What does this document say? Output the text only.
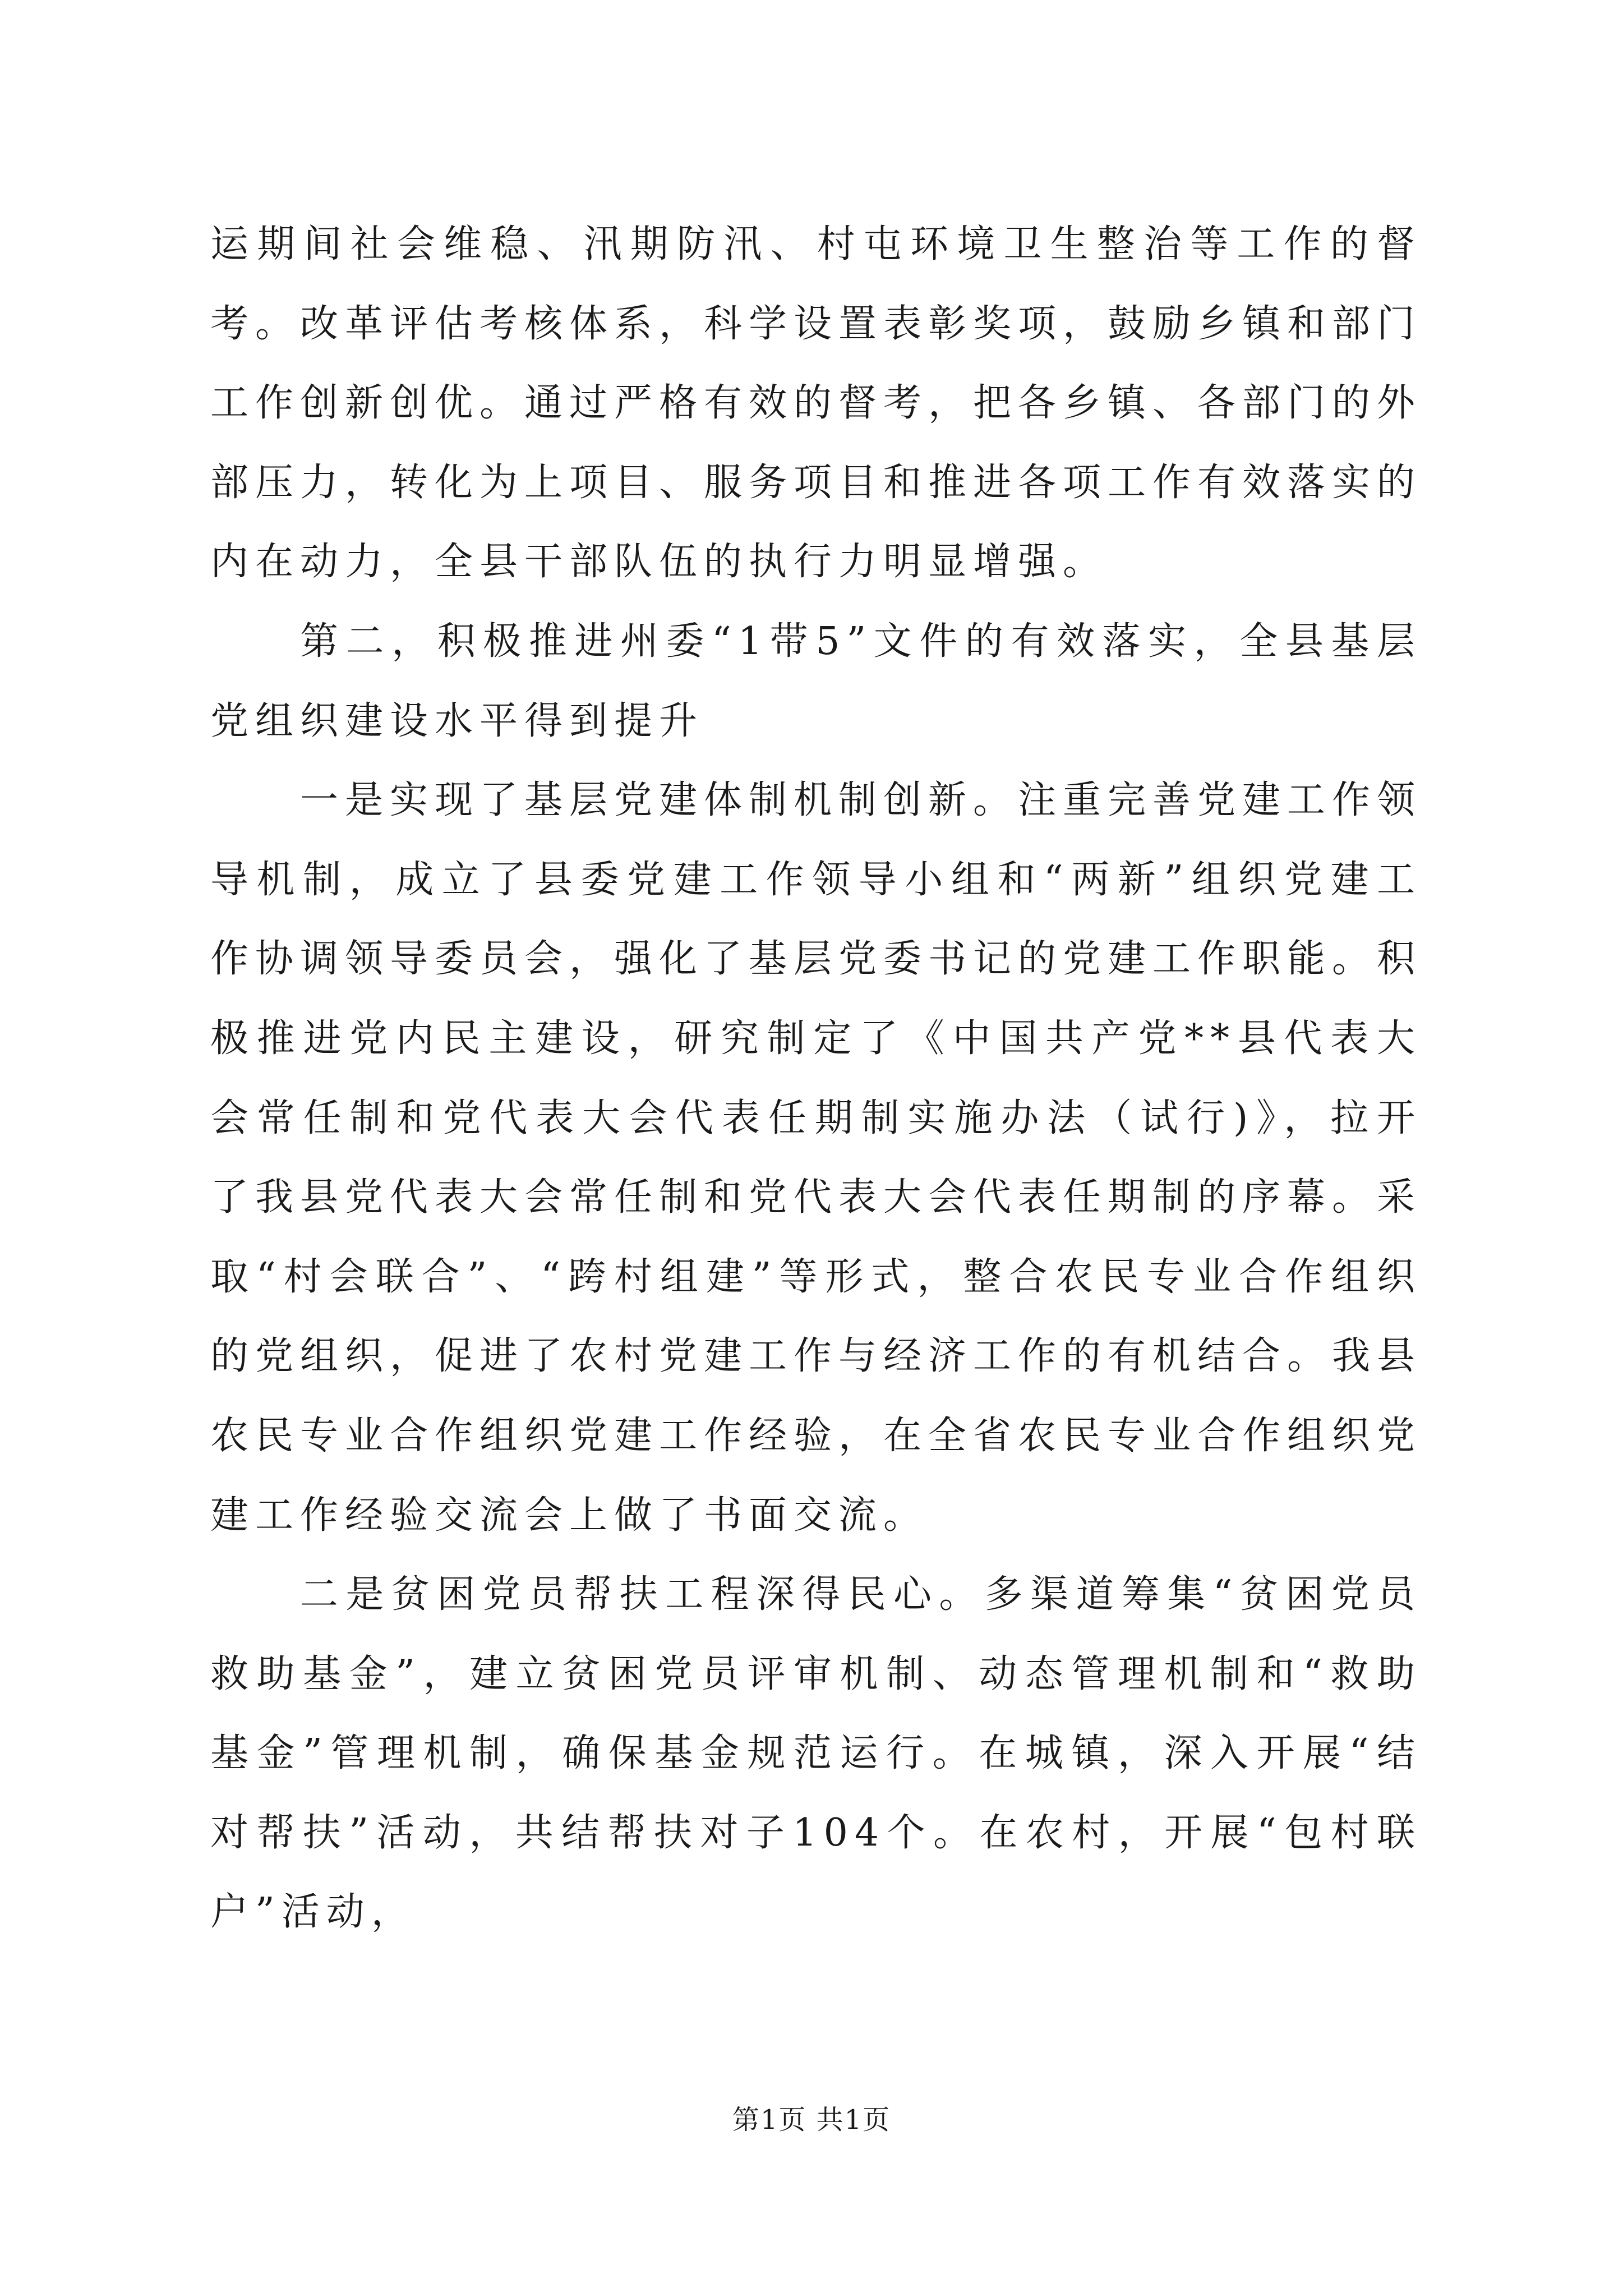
运期间社会维稳、汛期防汛、村屯环境卫生整治等工作的督考。改革评估考核体系，科学设置表彰奖项，鼓励乡镇和部门工作创新创优。通过严格有效的督考，把各乡镇、各部门的外部压力，转化为上项目、服务项目和推进各项工作有效落实的内在动力，全县干部队伍的执行力明显增强。

第二，积极推进州委“1带5”文件的有效落实，全县基层党组织建设水平得到提升

一是实现了基层党建体制机制创新。注重完善党建工作领导机制，成立了县委党建工作领导小组和“两新”组织党建工作协调领导委员会，强化了基层党委书记的党建工作职能。积极推进党内民主建设，研究制定了《中国共产党**县代表大会常任制和党代表大会代表任期制实施办法（试行)》，拉开了我县党代表大会常任制和党代表大会代表任期制的序幕。采取“村会联合”、“跨村组建”等形式，整合农民专业合作组织的党组织，促进了农村党建工作与经济工作的有机结合。我县农民专业合作组织党建工作经验，在全省农民专业合作组织党建工作经验交流会上做了书面交流。

二是贫困党员帮扶工程深得民心。多渠道筹集“贫困党员救助基金”，建立贫困党员评审机制、动态管理机制和“救助基金”管理机制，确保基金规范运行。在城镇，深入开展“结对帮扶”活动，共结帮扶对子104个。在农村，开展“包村联户”活动，

第1页 共1页
